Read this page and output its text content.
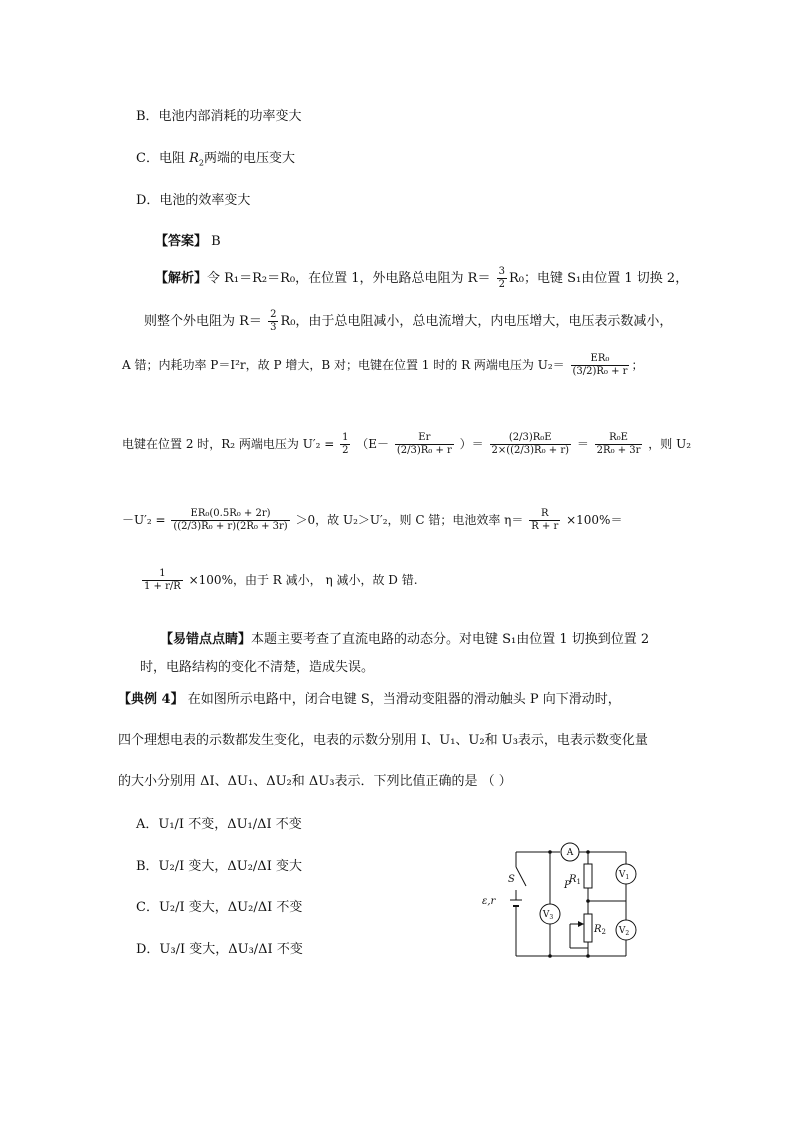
B．电池内部消耗的功率变大
C．电阻 $R_2$两端的电压变大
D．电池的效率变大
【答案】 B
【解析】令 R₁＝R₂＝R₀，在位置 1，外电路总电阻为 $R= \frac{3}{2} R_0$；电键 S₁由位置 1 切换 2，
则整个外电阻为 $R= \frac{2}{3} R_0$，由于总电阻减小，总电流增大，内电压增大，电压表示数减小，
A 错；内耗功率 P＝I²r，故 P 增大，B 对；电键在位置 1 时的 R 两端电压为 $U_2= \frac{\text{ER₀}}{\text{(3/2)R₀ + r}}$ ；
电键在位置 2 时，R₂ 两端电压为 $U'_2 = \frac{1}{2} (E- \frac{Er}{\text{(2/3)R₀ + r}}$ ）＝ $\frac{\text{(2/3)R₀E}}{\text{2×((2/3)R₀ + r)}} = \frac{\text{R₀E}}{\text{2R₀ + 3r}}$ ，则 U₂
$-U'_2 = \frac{\text{ER₀(0.5R₀ + 2r)}}{\text{((2/3)R₀ + r)(2R₀ + 3r)}} >0$，故 U₂＞U′₂，则 C 错；电池效率 $\eta= \frac{R}{R + r} \times 100\%=$
$\frac{1}{1 + r/R} \times 100\%$，由于 R 减小， η 减小，故 D 错.
【易错点点睛】本题主要考查了直流电路的动态分。对电键 S₁由位置 1 切换到位置 2
时，电路结构的变化不清楚，造成失误。
【典例 4】 在如图所示电路中，闭合电键 S，当滑动变阻器的滑动触头 P 向下滑动时，
四个理想电表的示数都发生变化，电表的示数分别用 I、U₁、U₂和 U₃表示，电表示数变化量
的大小分别用 ΔI、ΔU₁、ΔU₂和 ΔU₃表示．下列比值正确的是 （ ）
A．U₁/I 不变，ΔU₁/ΔI 不变
B．U₂/I 变大，ΔU₂/ΔI 变大
C．U₂/I 变大，ΔU₂/ΔI 不变
D．U₃/I 变大，ΔU₃/ΔI 不变
ε,r
S
P
$R_1$
$R_2$
A
$V_3$
$V_1$
$V_2$
